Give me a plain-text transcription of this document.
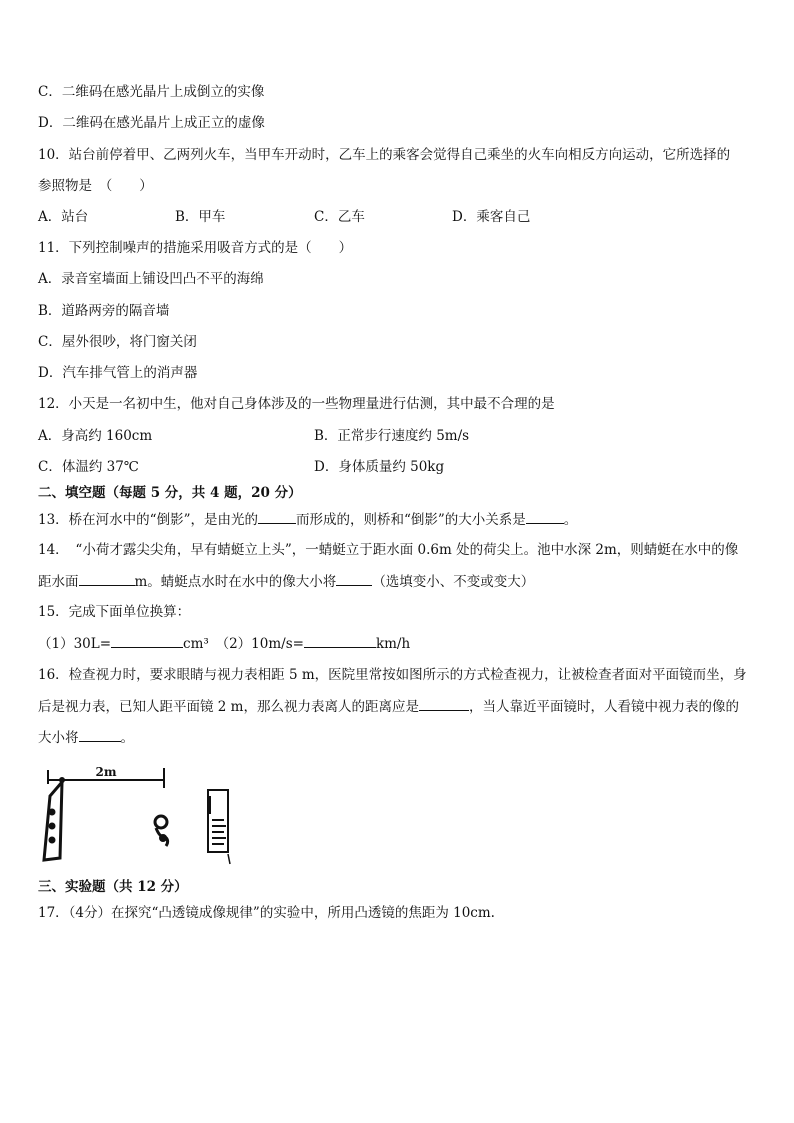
C．二维码在感光晶片上成倒立的实像
D．二维码在感光晶片上成正立的虚像
10．站台前停着甲、乙两列火车，当甲车开动时，乙车上的乘客会觉得自己乘坐的火车向相反方向运动，它所选择的
参照物是　（　　）
A．站台	B．甲车	C．乙车	D．乘客自己
11．下列控制噪声的措施采用吸音方式的是（　　）
A．录音室墙面上铺设凹凸不平的海绵
B．道路两旁的隔音墙
C．屋外很吵，将门窗关闭
D．汽车排气管上的消声器
12．小天是一名初中生，他对自己身体涉及的一些物理量进行估测，其中最不合理的是
A．身高约 160cm	B．正常步行速度约 5m/s
C．体温约 37℃	D．身体质量约 50kg
二、填空题（每题 5 分，共 4 题，20 分）
13．桥在河水中的“倒影”，是由光的	而形成的，则桥和“倒影”的大小关系是	。
14．　“小荷才露尖尖角，早有蜻蜓立上头”，一蜻蜓立于距水面 0.6m 处的荷尖上。池中水深 2m，则蜻蜓在水中的像
距水面	m。蜻蜓点水时在水中的像大小将	（选填变小、不变或变大）
15．完成下面单位换算：
（1）30L=	cm³　（2）10m/s=	km/h
16．检查视力时，要求眼睛与视力表相距 5 m，医院里常按如图所示的方式检查视力，让被检查者面对平面镜而坐，身
后是视力表，已知人距平面镜 2 m，那么视力表离人的距离应是	，当人靠近平面镜时，人看镜中视力表的像的
大小将	。
2m
三、实验题（共 12 分）
17．（4分）在探究“凸透镜成像规律”的实验中，所用凸透镜的焦距为 10cm.
